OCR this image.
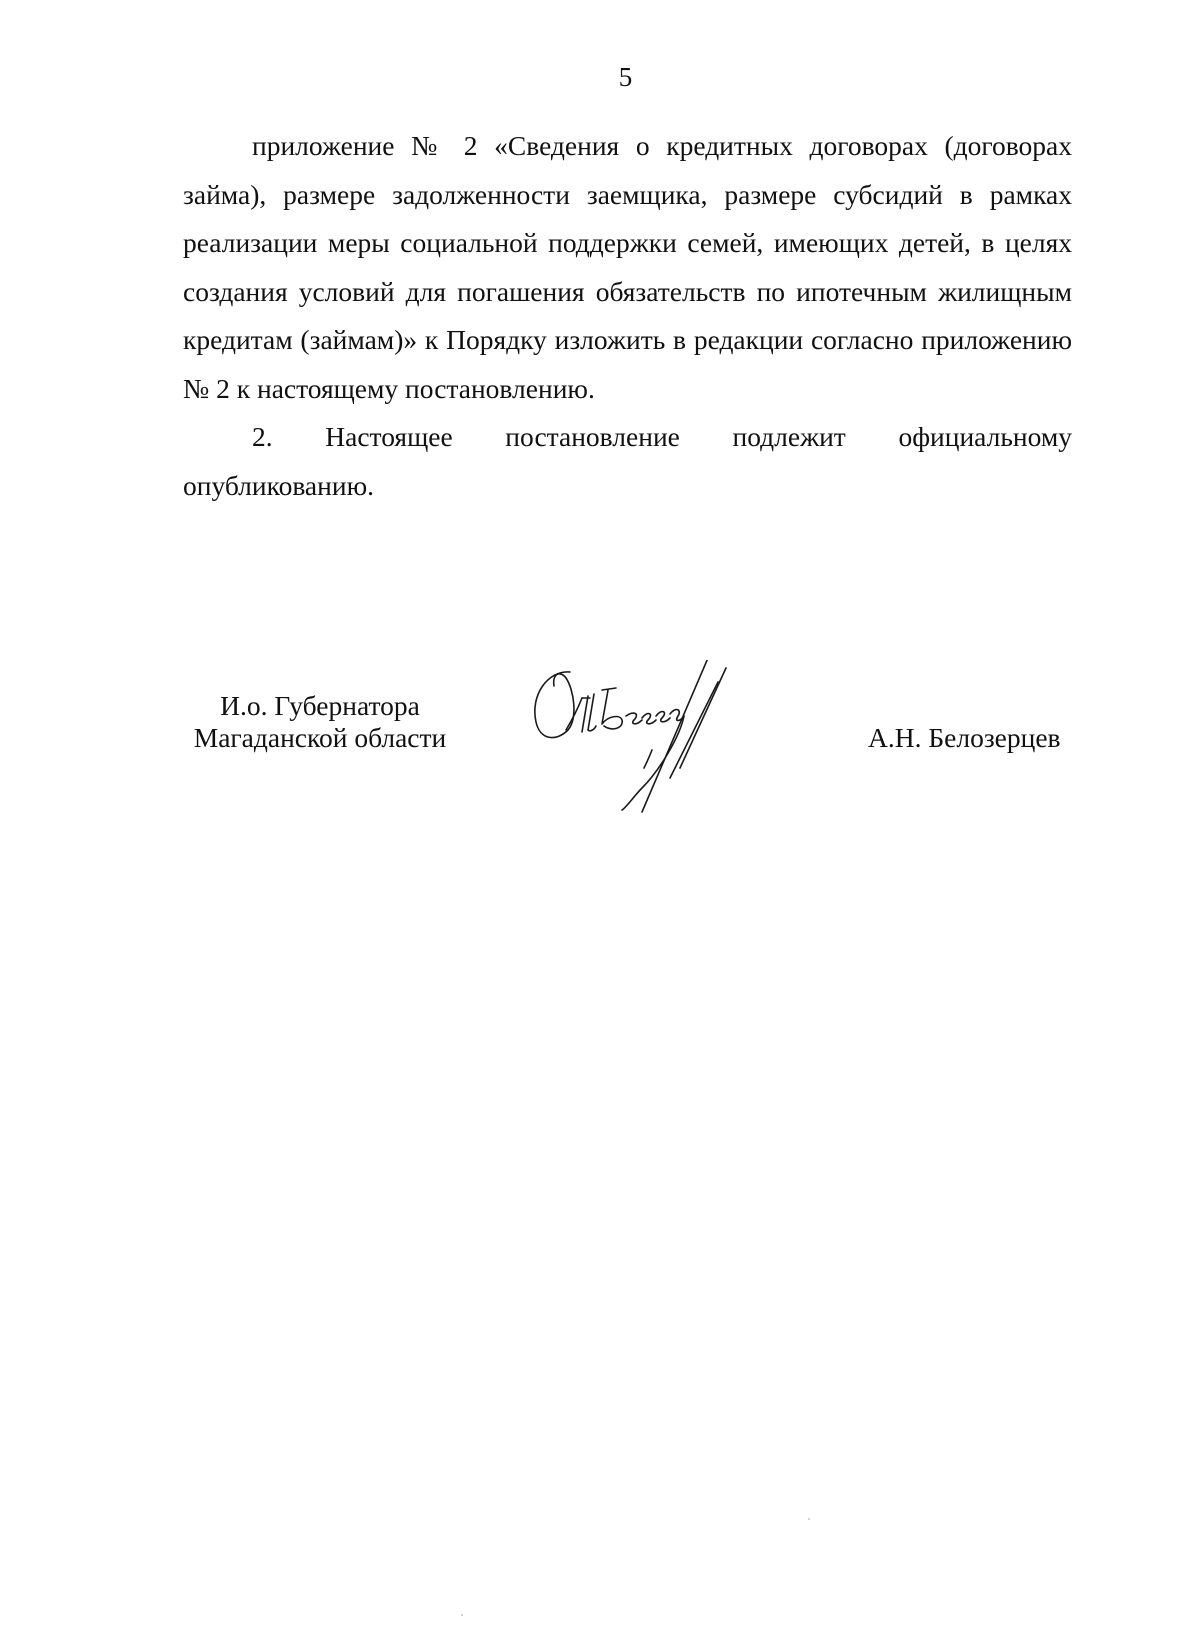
5

приложение № 2 «Сведения о кредитных договорах (договорах займа), размере задолженности заемщика, размере субсидий в рамках реализации меры социальной поддержки семей, имеющих детей, в целях создания условий для погашения обязательств по ипотечным жилищным кредитам (займам)» к Порядку изложить в редакции согласно приложению № 2 к настоящему постановлению.

2. Настоящее постановление подлежит официальному опубликованию.

И.о. Губернатора
Магаданской области	А.Н. Белозерцев
